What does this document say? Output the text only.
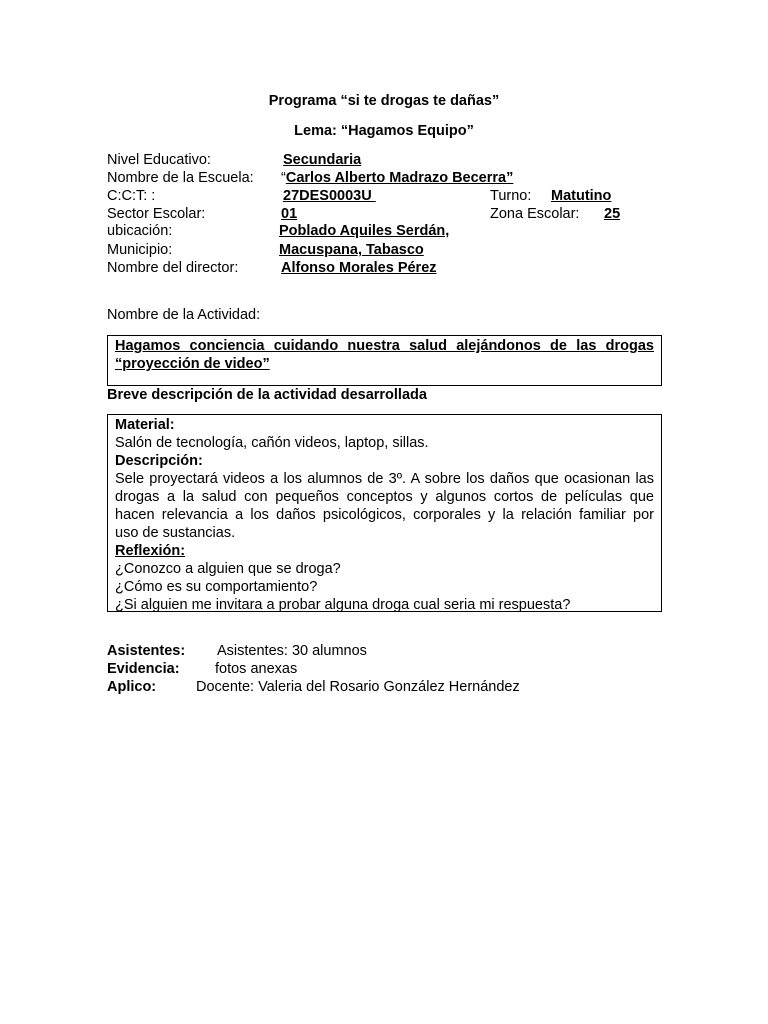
Programa “si te drogas te dañas”
Lema: “Hagamos Equipo”
Nivel Educativo:	Secundaria
Nombre de la Escuela: “Carlos Alberto Madrazo Becerra”
C:C:T: :	27DES0003U	Turno: Matutino
Sector Escolar:	01	Zona Escolar: 25
ubicación:	Poblado Aquiles Serdán,
Municipio:	Macuspana, Tabasco
Nombre del director:	Alfonso Morales Pérez
Nombre de la Actividad:
Hagamos conciencia cuidando nuestra salud alejándonos de las drogas
“proyección de video”
Breve descripción de la actividad desarrollada
Material:
Salón de tecnología, cañón videos, laptop, sillas.
Descripción:
Sele proyectará videos a los alumnos de 3º. A sobre los daños que ocasionan las
drogas a la salud con pequeños conceptos y algunos cortos de películas que
hacen relevancia a los daños psicológicos, corporales y la relación familiar por
uso de sustancias.
Reflexión:
¿Conozco a alguien que se droga?
¿Cómo es su comportamiento?
¿Si alguien me invitara a probar alguna droga cual seria mi respuesta?
Asistentes: Asistentes: 30 alumnos
Evidencia: fotos anexas
Aplico:	Docente: Valeria del Rosario González Hernández
